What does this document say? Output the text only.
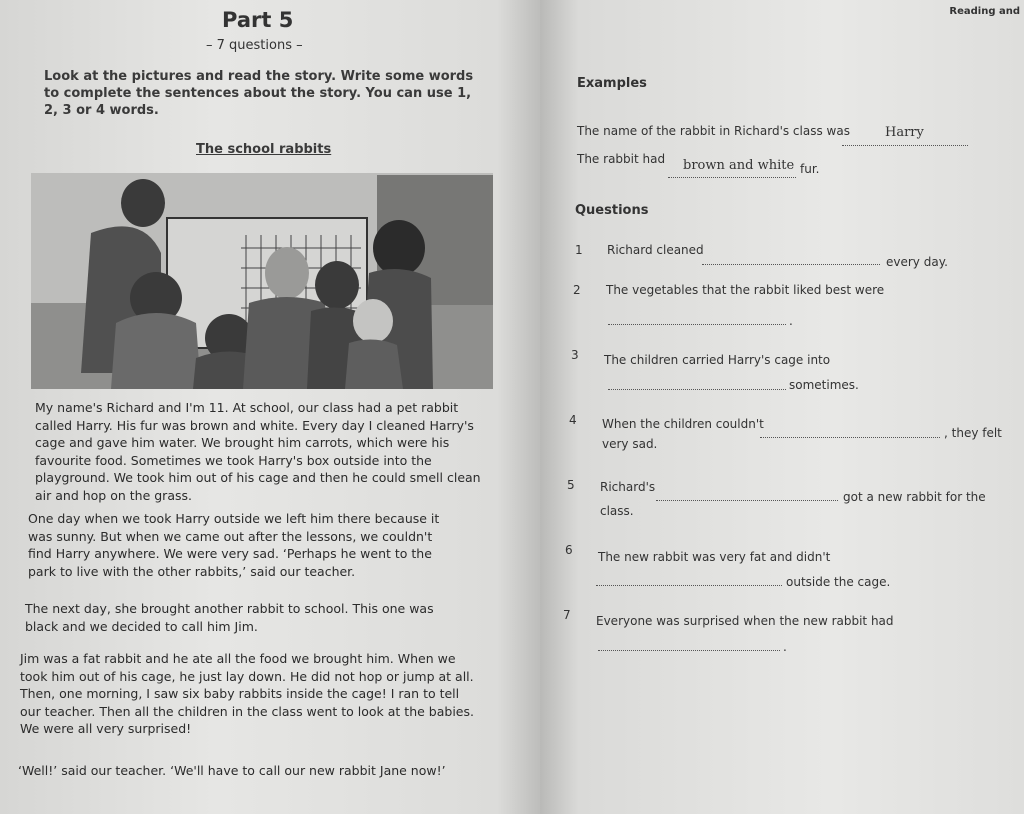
Part 5
– 7 questions –
Look at the pictures and read the story. Write some words to complete the sentences about the story. You can use 1, 2, 3 or 4 words.
The school rabbits
My name's Richard and I'm 11. At school, our class had a pet rabbit called Harry. His fur was brown and white. Every day I cleaned Harry's cage and gave him water. We brought him carrots, which were his favourite food. Sometimes we took Harry's box outside into the playground. We took him out of his cage and then he could smell clean air and hop on the grass.
One day when we took Harry outside we left him there because it was sunny. But when we came out after the lessons, we couldn't find Harry anywhere. We were very sad. ‘Perhaps he went to the park to live with the other rabbits,’ said our teacher.
The next day, she brought another rabbit to school. This one was black and we decided to call him Jim.
Jim was a fat rabbit and he ate all the food we brought him. When we took him out of his cage, he just lay down. He did not hop or jump at all. Then, one morning, I saw six baby rabbits inside the cage! I ran to tell our teacher. Then all the children in the class went to look at the babies. We were all very surprised!
‘Well!’ said our teacher. ‘We'll have to call our new rabbit Jane now!’
Reading and
Examples
The name of the rabbit in Richard's class was	Harry
The rabbit had brown and white fur.
Questions
1 Richard cleaned
every day.
2 The vegetables that the rabbit liked best were
.
3 The children carried Harry's cage into
sometimes.
4 When the children couldn't
, they felt
very sad.
5 Richard's
got a new rabbit for the
class.
6 The new rabbit was very fat and didn't
outside the cage.
7 Everyone was surprised when the new rabbit had
.
